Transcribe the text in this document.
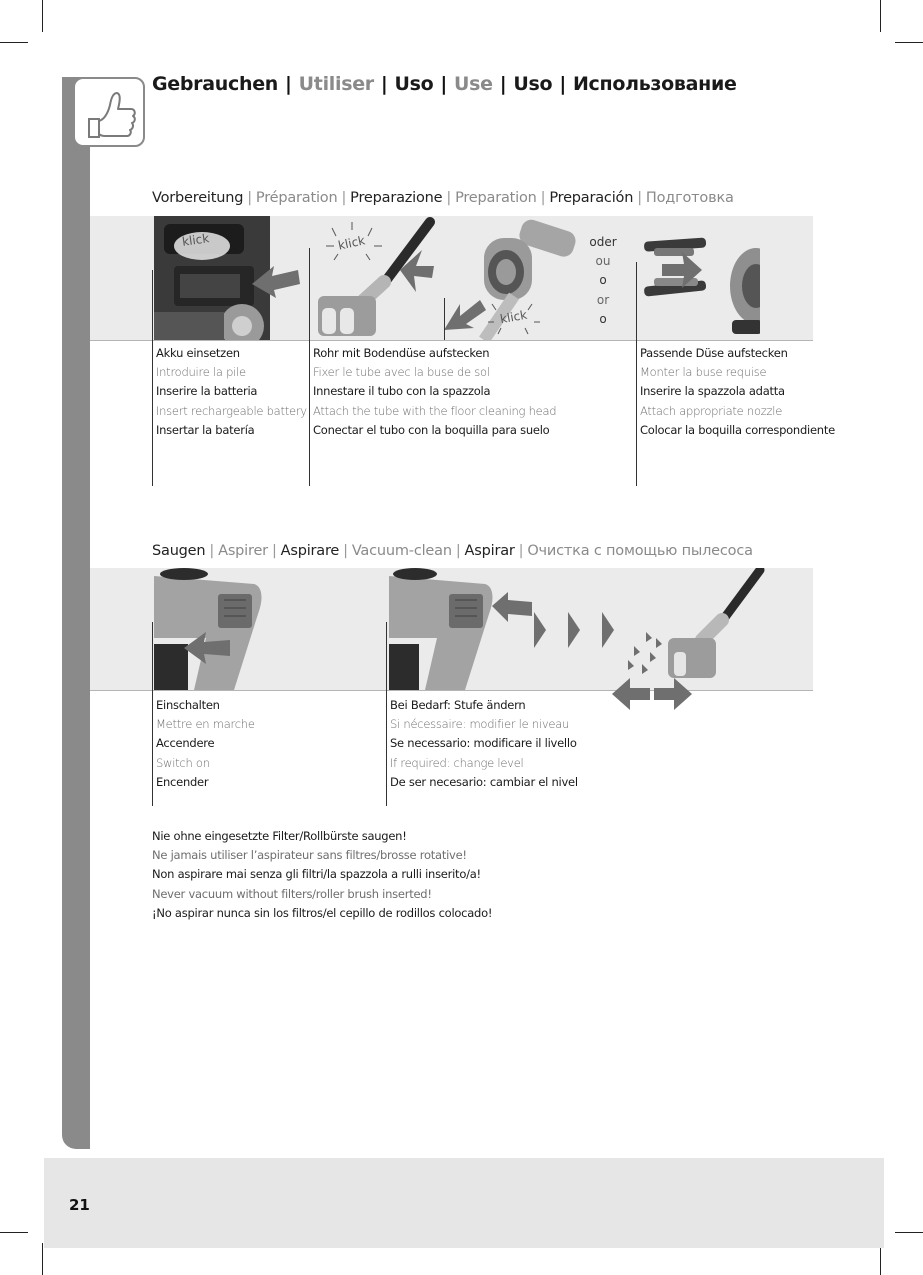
Gebrauchen | Utiliser | Uso | Use | Uso | Использование
Vorbereitung | Préparation | Preparazione | Preparation | Preparación | Подготовка
klick	klick
klick
oder
ou
o
or
o
Akku einsetzen
Introduire la pile
Inserire la batteria
Insert rechargeable battery
Insertar la batería
Rohr mit Bodendüse aufstecken
Fixer le tube avec la buse de sol
Innestare il tubo con la spazzola
Attach the tube with the floor cleaning head
Conectar el tubo con la boquilla para suelo
Passende Düse aufstecken
Monter la buse requise
Inserire la spazzola adatta
Attach appropriate nozzle
Colocar la boquilla correspondiente
Saugen | Aspirer | Aspirare | Vacuum-clean | Aspirar | Очистка с помощью пылесоса
Einschalten
Mettre en marche
Accendere
Switch on
Encender
Bei Bedarf: Stufe ändern
Si nécessaire: modifier le niveau
Se necessario: modificare il livello
If required: change level
De ser necesario: cambiar el nivel
Nie ohne eingesetzte Filter/Rollbürste saugen!
Ne jamais utiliser l’aspirateur sans filtres/brosse rotative!
Non aspirare mai senza gli filtri/la spazzola a rulli inserito/a!
Never vacuum without filters/roller brush inserted!
¡No aspirar nunca sin los filtros/el cepillo de rodillos colocado!
21
